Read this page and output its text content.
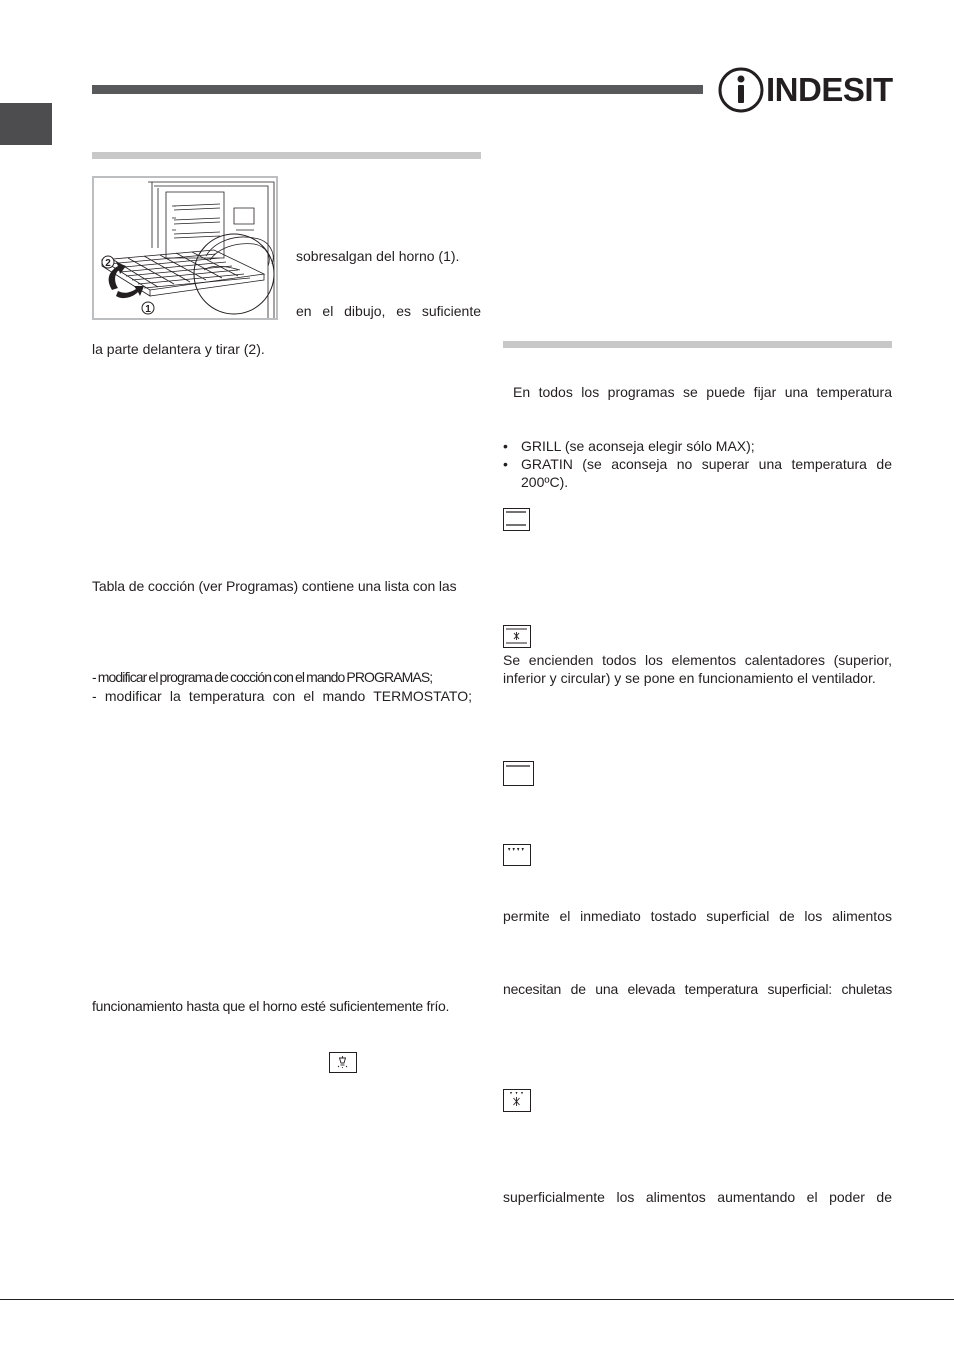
INDESIT
2
1
sobresalgan del horno (1).
en el dibujo, es suficiente
la parte delantera y tirar (2).
Tabla de cocción (ver Programas) contiene una lista con las
- modificar el programa de cocción con el mando PROGRAMAS;
- modificar la temperatura con el mando TERMOSTATO;
funcionamiento hasta que el horno esté suficientemente frío.
En todos los programas se puede fijar una temperatura
• GRILL (se aconseja elegir sólo MAX);
• GRATIN (se aconseja no superar una temperatura de 200ºC).
Se encienden todos los elementos calentadores (superior, inferior y circular) y se pone en funcionamiento el ventilador.
permite el inmediato tostado superficial de los alimentos
necesitan de una elevada temperatura superficial: chuletas
superficialmente los alimentos aumentando el poder de
